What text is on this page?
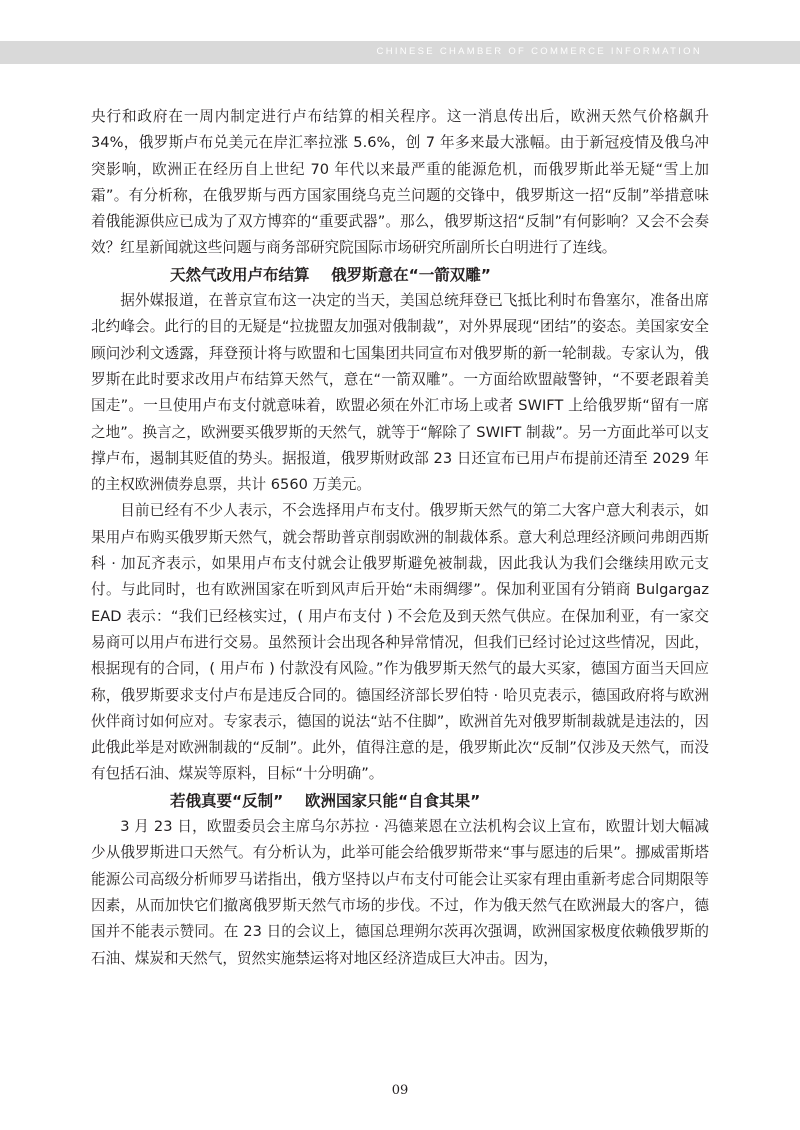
CHINESE CHAMBER OF COMMERCE INFORMATION

央行和政府在一周内制定进行卢布结算的相关程序。这一消息传出后，欧洲天然气价格飙升34%，俄罗斯卢布兑美元在岸汇率拉涨 5.6%，创 7 年多来最大涨幅。由于新冠疫情及俄乌冲突影响，欧洲正在经历自上世纪 70 年代以来最严重的能源危机，而俄罗斯此举无疑“雪上加霜”。有分析称，在俄罗斯与西方国家围绕乌克兰问题的交锋中，俄罗斯这一招“反制”举措意味着俄能源供应已成为了双方博弈的“重要武器”。那么，俄罗斯这招“反制”有何影响？又会不会奏效？红星新闻就这些问题与商务部研究院国际市场研究所副所长白明进行了连线。

天然气改用卢布结算    俄罗斯意在“一箭双雕”

据外媒报道，在普京宣布这一决定的当天，美国总统拜登已飞抵比利时布鲁塞尔，准备出席北约峰会。此行的目的无疑是“拉拢盟友加强对俄制裁”，对外界展现“团结”的姿态。美国家安全顾问沙利文透露，拜登预计将与欧盟和七国集团共同宣布对俄罗斯的新一轮制裁。专家认为，俄罗斯在此时要求改用卢布结算天然气，意在“一箭双雕”。一方面给欧盟敲警钟，“不要老跟着美国走”。一旦使用卢布支付就意味着，欧盟必须在外汇市场上或者 SWIFT 上给俄罗斯“留有一席之地”。换言之，欧洲要买俄罗斯的天然气，就等于“解除了 SWIFT 制裁”。另一方面此举可以支撑卢布，遏制其贬值的势头。据报道，俄罗斯财政部 23 日还宣布已用卢布提前还清至 2029 年的主权欧洲债券息票，共计 6560 万美元。

目前已经有不少人表示，不会选择用卢布支付。俄罗斯天然气的第二大客户意大利表示，如果用卢布购买俄罗斯天然气，就会帮助普京削弱欧洲的制裁体系。意大利总理经济顾问弗朗西斯科 · 加瓦齐表示，如果用卢布支付就会让俄罗斯避免被制裁，因此我认为我们会继续用欧元支付。与此同时，也有欧洲国家在听到风声后开始“未雨绸缪”。保加利亚国有分销商 Bulgargaz EAD 表示：“我们已经核实过，( 用卢布支付 ) 不会危及到天然气供应。在保加利亚，有一家交易商可以用卢布进行交易。虽然预计会出现各种异常情况，但我们已经讨论过这些情况，因此，根据现有的合同，( 用卢布 ) 付款没有风险。”作为俄罗斯天然气的最大买家，德国方面当天回应称，俄罗斯要求支付卢布是违反合同的。德国经济部长罗伯特 · 哈贝克表示，德国政府将与欧洲伙伴商讨如何应对。专家表示，德国的说法“站不住脚”，欧洲首先对俄罗斯制裁就是违法的，因此俄此举是对欧洲制裁的“反制”。此外，值得注意的是，俄罗斯此次“反制”仅涉及天然气，而没有包括石油、煤炭等原料，目标“十分明确”。

若俄真要“反制”    欧洲国家只能“自食其果”

3 月 23 日，欧盟委员会主席乌尔苏拉 · 冯德莱恩在立法机构会议上宣布，欧盟计划大幅减少从俄罗斯进口天然气。有分析认为，此举可能会给俄罗斯带来“事与愿违的后果”。挪威雷斯塔能源公司高级分析师罗马诺指出，俄方坚持以卢布支付可能会让买家有理由重新考虑合同期限等因素，从而加快它们撤离俄罗斯天然气市场的步伐。不过，作为俄天然气在欧洲最大的客户，德国并不能表示赞同。在 23 日的会议上，德国总理朔尔茨再次强调，欧洲国家极度依赖俄罗斯的石油、煤炭和天然气，贸然实施禁运将对地区经济造成巨大冲击。因为，

09
